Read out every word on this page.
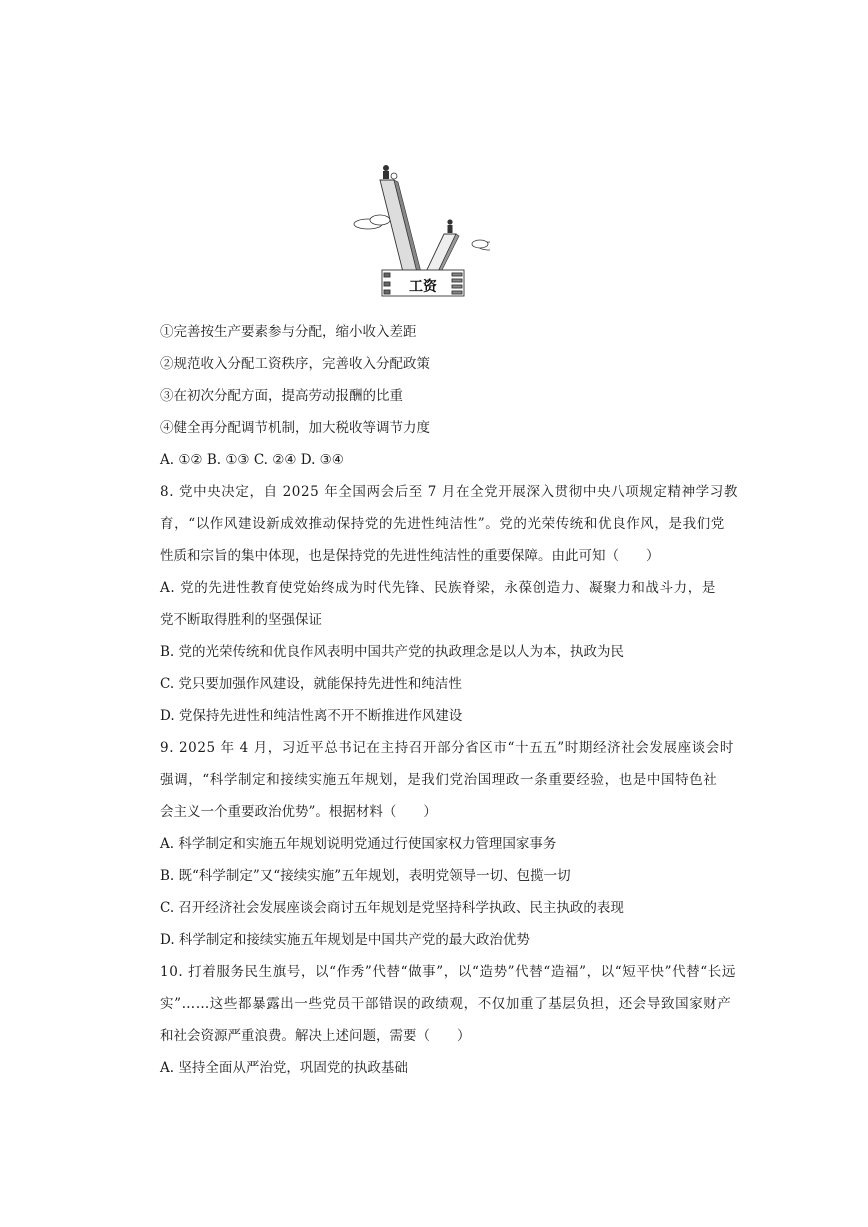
工资
①完善按生产要素参与分配，缩小收入差距
②规范收入分配工资秩序，完善收入分配政策
③在初次分配方面，提高劳动报酬的比重
④健全再分配调节机制，加大税收等调节力度
A. ①② B. ①③ C. ②④ D. ③④
8. 党中央决定，自 2025 年全国两会后至 7 月在全党开展深入贯彻中央八项规定精神学习教
育，“以作风建设新成效推动保持党的先进性纯洁性”。党的光荣传统和优良作风，是我们党
性质和宗旨的集中体现，也是保持党的先进性纯洁性的重要保障。由此可知（　　）
A. 党的先进性教育使党始终成为时代先锋、民族脊梁，永葆创造力、凝聚力和战斗力，是
党不断取得胜利的坚强保证
B. 党的光荣传统和优良作风表明中国共产党的执政理念是以人为本，执政为民
C. 党只要加强作风建设，就能保持先进性和纯洁性
D. 党保持先进性和纯洁性离不开不断推进作风建设
9. 2025 年 4 月，习近平总书记在主持召开部分省区市“十五五”时期经济社会发展座谈会时
强调，“科学制定和接续实施五年规划，是我们党治国理政一条重要经验，也是中国特色社
会主义一个重要政治优势”。根据材料（　　）
A. 科学制定和实施五年规划说明党通过行使国家权力管理国家事务
B. 既“科学制定”又“接续实施”五年规划，表明党领导一切、包揽一切
C. 召开经济社会发展座谈会商讨五年规划是党坚持科学执政、民主执政的表现
D. 科学制定和接续实施五年规划是中国共产党的最大政治优势
10. 打着服务民生旗号，以“作秀”代替“做事”，以“造势”代替“造福”，以“短平快”代替“长远
实”……这些都暴露出一些党员干部错误的政绩观，不仅加重了基层负担，还会导致国家财产
和社会资源严重浪费。解决上述问题，需要（　　）
A. 坚持全面从严治党，巩固党的执政基础
